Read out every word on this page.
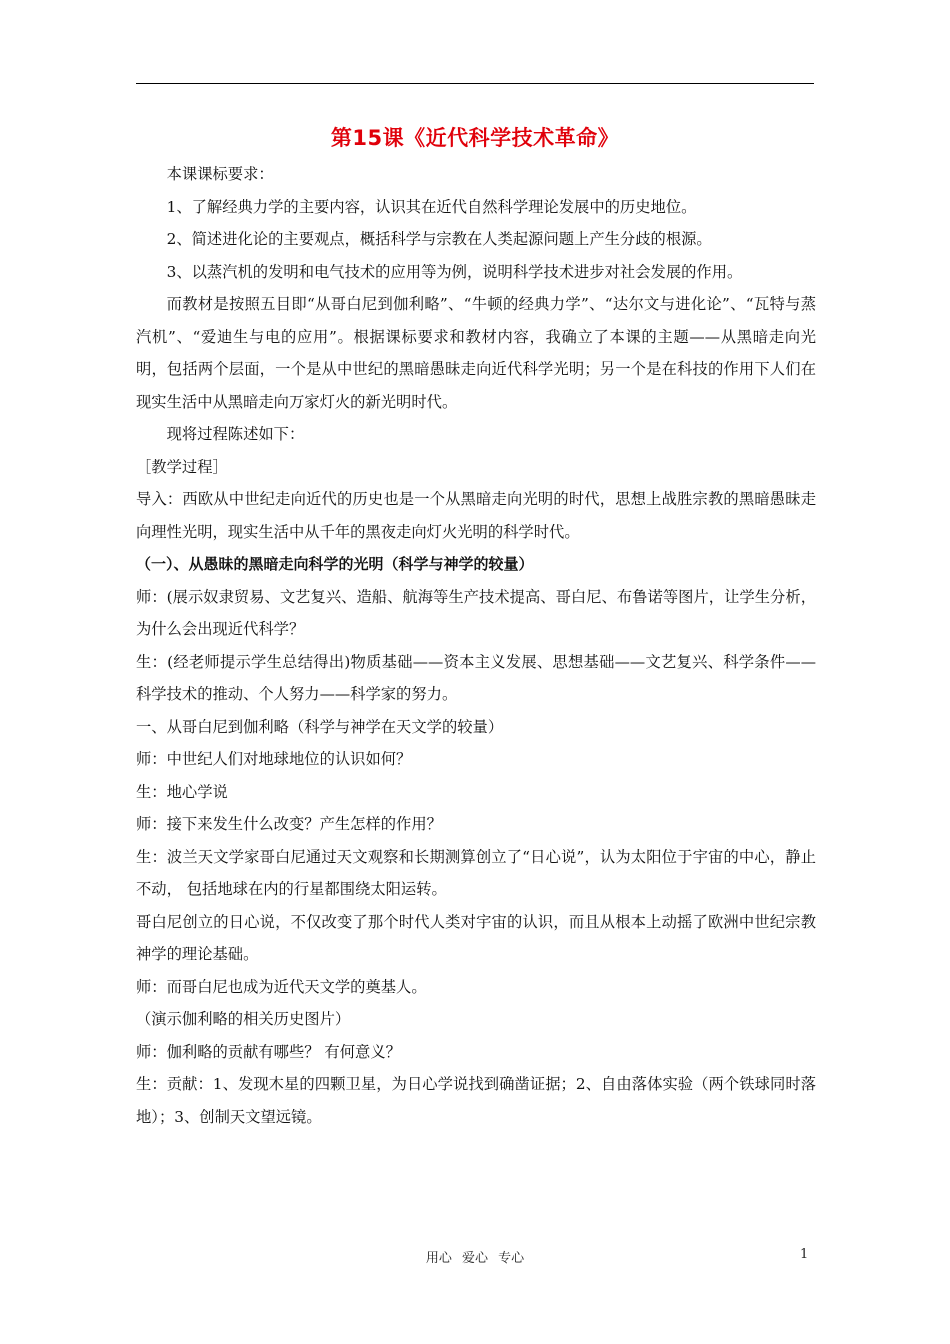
第15课《近代科学技术革命》

本课课标要求：

1、了解经典力学的主要内容，认识其在近代自然科学理论发展中的历史地位。

2、简述进化论的主要观点，概括科学与宗教在人类起源问题上产生分歧的根源。

3、以蒸汽机的发明和电气技术的应用等为例，说明科学技术进步对社会发展的作用。

而教材是按照五目即“从哥白尼到伽利略”、“牛顿的经典力学”、“达尔文与进化论”、“瓦特与蒸汽机”、“爱迪生与电的应用”。根据课标要求和教材内容，我确立了本课的主题——从黑暗走向光明，包括两个层面，一个是从中世纪的黑暗愚昧走向近代科学光明；另一个是在科技的作用下人们在现实生活中从黑暗走向万家灯火的新光明时代。

现将过程陈述如下：

［教学过程］

导入：西欧从中世纪走向近代的历史也是一个从黑暗走向光明的时代，思想上战胜宗教的黑暗愚昧走向理性光明，现实生活中从千年的黑夜走向灯火光明的科学时代。

（一）、从愚昧的黑暗走向科学的光明（科学与神学的较量）

师：(展示奴隶贸易、文艺复兴、造船、航海等生产技术提高、哥白尼、布鲁诺等图片，让学生分析，为什么会出现近代科学？

生：(经老师提示学生总结得出)物质基础——资本主义发展、思想基础——文艺复兴、科学条件——科学技术的推动、个人努力——科学家的努力。

一、从哥白尼到伽利略（科学与神学在天文学的较量）

师：中世纪人们对地球地位的认识如何？

生：地心学说

师：接下来发生什么改变？产生怎样的作用？

生：波兰天文学家哥白尼通过天文观察和长期测算创立了“日心说”，认为太阳位于宇宙的中心，静止不动， 包括地球在内的行星都围绕太阳运转。

哥白尼创立的日心说，不仅改变了那个时代人类对宇宙的认识，而且从根本上动摇了欧洲中世纪宗教神学的理论基础。

师：而哥白尼也成为近代天文学的奠基人。

（演示伽利略的相关历史图片）

师：伽利略的贡献有哪些？ 有何意义？

生：贡献：1、发现木星的四颗卫星，为日心学说找到确凿证据；2、自由落体实验（两个铁球同时落地）；3、创制天文望远镜。

用心 爱心 专心	1
